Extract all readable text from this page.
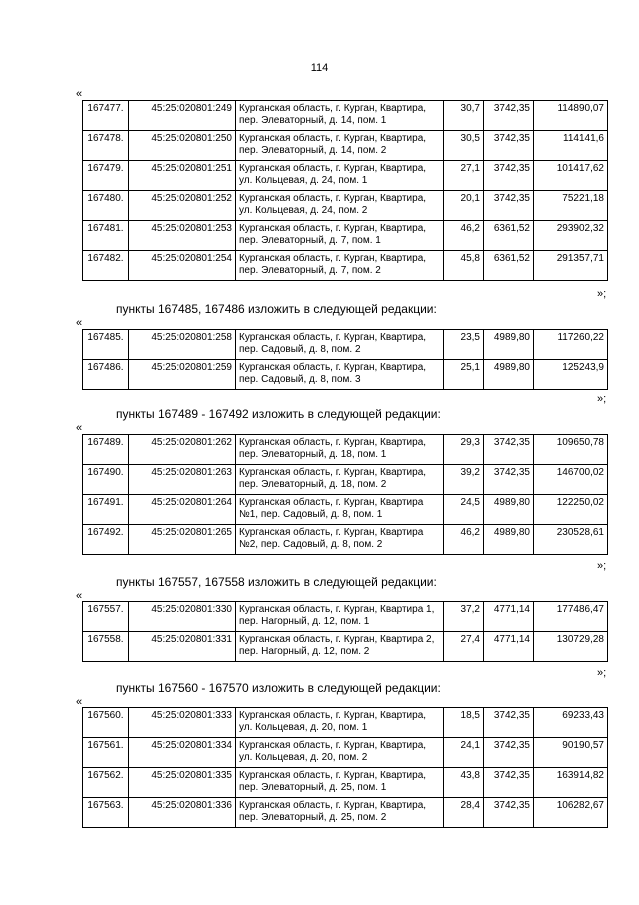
114
«
167477.	45:25:020801:249	Курганская область, г. Курган, Квартира, пер. Элеваторный, д. 14, пом. 1	30,7	3742,35	114890,07
167478.	45:25:020801:250	Курганская область, г. Курган, Квартира, пер. Элеваторный, д. 14, пом. 2	30,5	3742,35	114141,6
167479.	45:25:020801:251	Курганская область, г. Курган, Квартира, ул. Кольцевая, д. 24, пом. 1	27,1	3742,35	101417,62
167480.	45:25:020801:252	Курганская область, г. Курган, Квартира, ул. Кольцевая, д. 24, пом. 2	20,1	3742,35	75221,18
167481.	45:25:020801:253	Курганская область, г. Курган, Квартира, пер. Элеваторный, д. 7, пом. 1	46,2	6361,52	293902,32
167482.	45:25:020801:254	Курганская область, г. Курган, Квартира, пер. Элеваторный, д. 7, пом. 2	45,8	6361,52	291357,71
»;
пункты 167485, 167486 изложить в следующей редакции:
«
167485.	45:25:020801:258	Курганская область, г. Курган, Квартира, пер. Садовый, д. 8, пом. 2	23,5	4989,80	117260,22
167486.	45:25:020801:259	Курганская область, г. Курган, Квартира, пер. Садовый, д. 8, пом. 3	25,1	4989,80	125243,9
»;
пункты 167489 - 167492 изложить в следующей редакции:
«
167489.	45:25:020801:262	Курганская область, г. Курган, Квартира, пер. Элеваторный, д. 18, пом. 1	29,3	3742,35	109650,78
167490.	45:25:020801:263	Курганская область, г. Курган, Квартира, пер. Элеваторный, д. 18, пом. 2	39,2	3742,35	146700,02
167491.	45:25:020801:264	Курганская область, г. Курган, Квартира №1, пер. Садовый, д. 8, пом. 1	24,5	4989,80	122250,02
167492.	45:25:020801:265	Курганская область, г. Курган, Квартира №2, пер. Садовый, д. 8, пом. 2	46,2	4989,80	230528,61
»;
пункты 167557, 167558 изложить в следующей редакции:
«
167557.	45:25:020801:330	Курганская область, г. Курган, Квартира 1, пер. Нагорный, д. 12, пом. 1	37,2	4771,14	177486,47
167558.	45:25:020801:331	Курганская область, г. Курган, Квартира 2, пер. Нагорный, д. 12, пом. 2	27,4	4771,14	130729,28
»;
пункты 167560 - 167570 изложить в следующей редакции:
«
167560.	45:25:020801:333	Курганская область, г. Курган, Квартира, ул. Кольцевая, д. 20, пом. 1	18,5	3742,35	69233,43
167561.	45:25:020801:334	Курганская область, г. Курган, Квартира, ул. Кольцевая, д. 20, пом. 2	24,1	3742,35	90190,57
167562.	45:25:020801:335	Курганская область, г. Курган, Квартира, пер. Элеваторный, д. 25, пом. 1	43,8	3742,35	163914,82
167563.	45:25:020801:336	Курганская область, г. Курган, Квартира, пер. Элеваторный, д. 25, пом. 2	28,4	3742,35	106282,67
